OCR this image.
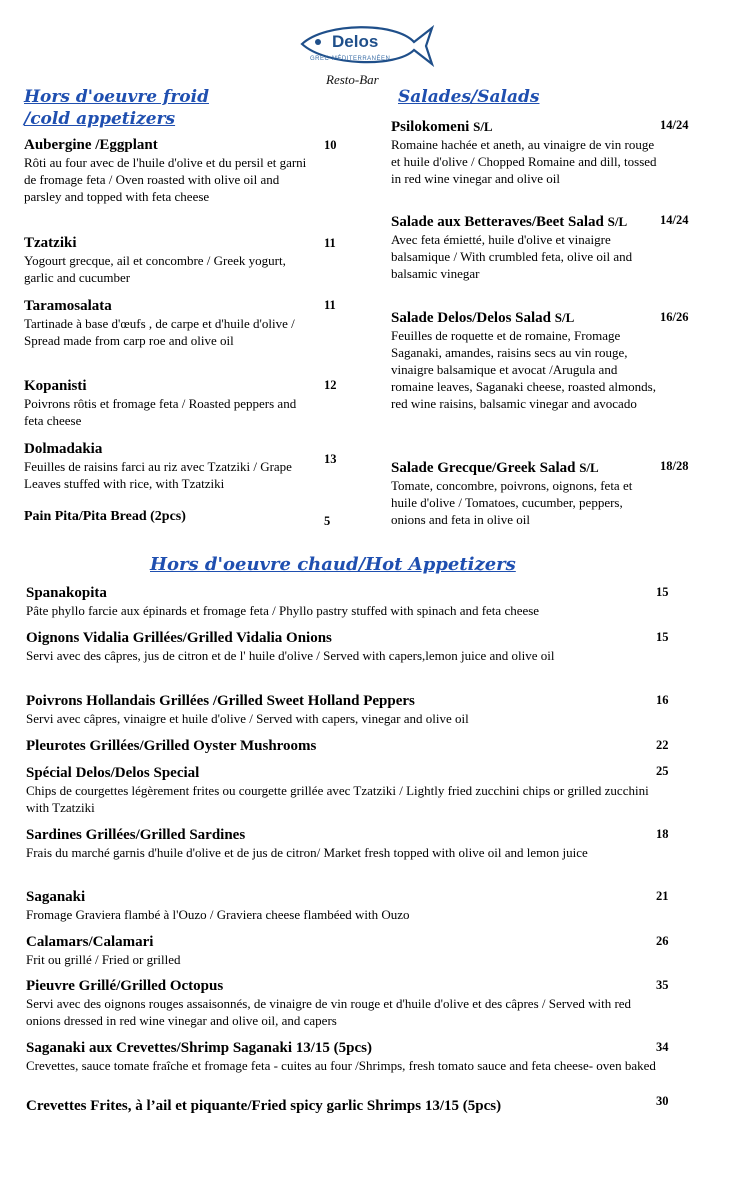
Delos
GREC-MÉDITERRANÉEN
Resto-Bar
Hors d'oeuvre froid
/cold appetizers
Salades/Salads
Aubergine /Eggplant
Rôti au four avec de l'huile d'olive et du persil et garni de fromage feta / Oven roasted with olive oil and parsley and topped with feta cheese
10
Tzatziki
Yogourt grecque, ail et concombre / Greek yogurt, garlic and cucumber
11
Taramosalata
Tartinade à base d'œufs , de carpe et d'huile d'olive / Spread made from carp roe and olive oil
11
Kopanisti
Poivrons rôtis et fromage feta / Roasted peppers and feta cheese
12
Dolmadakia
Feuilles de raisins farci au riz avec Tzatziki / Grape Leaves stuffed with rice, with Tzatziki
13
Pain Pita/Pita Bread (2pcs)	5
Psilokomeni S/L
Romaine hachée et aneth, au vinaigre de vin rouge et huile d'olive / Chopped Romaine and dill, tossed in red wine vinegar and olive oil
14/24
Salade aux Betteraves/Beet Salad S/L
Avec feta émietté, huile d'olive et vinaigre balsamique / With crumbled feta, olive oil and balsamic vinegar
14/24
Salade Delos/Delos Salad S/L
Feuilles de roquette et de romaine, Fromage Saganaki, amandes, raisins secs au vin rouge, vinaigre balsamique et avocat /Arugula and romaine leaves, Saganaki cheese, roasted almonds, red wine raisins, balsamic vinegar and avocado
16/26
Salade Grecque/Greek Salad S/L
Tomate, concombre, poivrons, oignons, feta et huile d'olive / Tomatoes, cucumber, peppers, onions and feta in olive oil
18/28
Hors d'oeuvre chaud/Hot Appetizers
Spanakopita
Pâte phyllo farcie aux épinards et fromage feta / Phyllo pastry stuffed with spinach and feta cheese
15
Oignons Vidalia Grillées/Grilled Vidalia Onions
Servi avec des câpres, jus de citron et de l' huile d'olive / Served with capers,lemon juice and olive oil
15
Poivrons Hollandais Grillées /Grilled Sweet Holland Peppers
Servi avec câpres, vinaigre et huile d'olive / Served with capers, vinegar and olive oil
16
Pleurotes Grillées/Grilled Oyster Mushrooms	22
Spécial Delos/Delos Special
Chips de courgettes légèrement frites ou courgette grillée avec Tzatziki / Lightly fried zucchini chips or grilled zucchini with Tzatziki
25
Sardines Grillées/Grilled Sardines
Frais du marché garnis d'huile d'olive et de jus de citron/ Market fresh topped with olive oil and lemon juice
18
Saganaki
Fromage Graviera flambé à l'Ouzo / Graviera cheese flambéed with Ouzo
21
Calamars/Calamari
Frit ou grillé / Fried or grilled
26
Pieuvre Grillé/Grilled Octopus
Servi avec des oignons rouges assaisonnés, de vinaigre de vin rouge et d'huile d'olive et des câpres / Served with red onions dressed in red wine vinegar and olive oil, and capers
35
Saganaki aux Crevettes/Shrimp Saganaki 13/15 (5pcs)
Crevettes, sauce tomate fraîche et fromage feta - cuites au four /Shrimps, fresh tomato sauce and feta cheese- oven baked
34
Crevettes Frites, à l’ail et piquante/Fried spicy garlic Shrimps 13/15 (5pcs)	30
